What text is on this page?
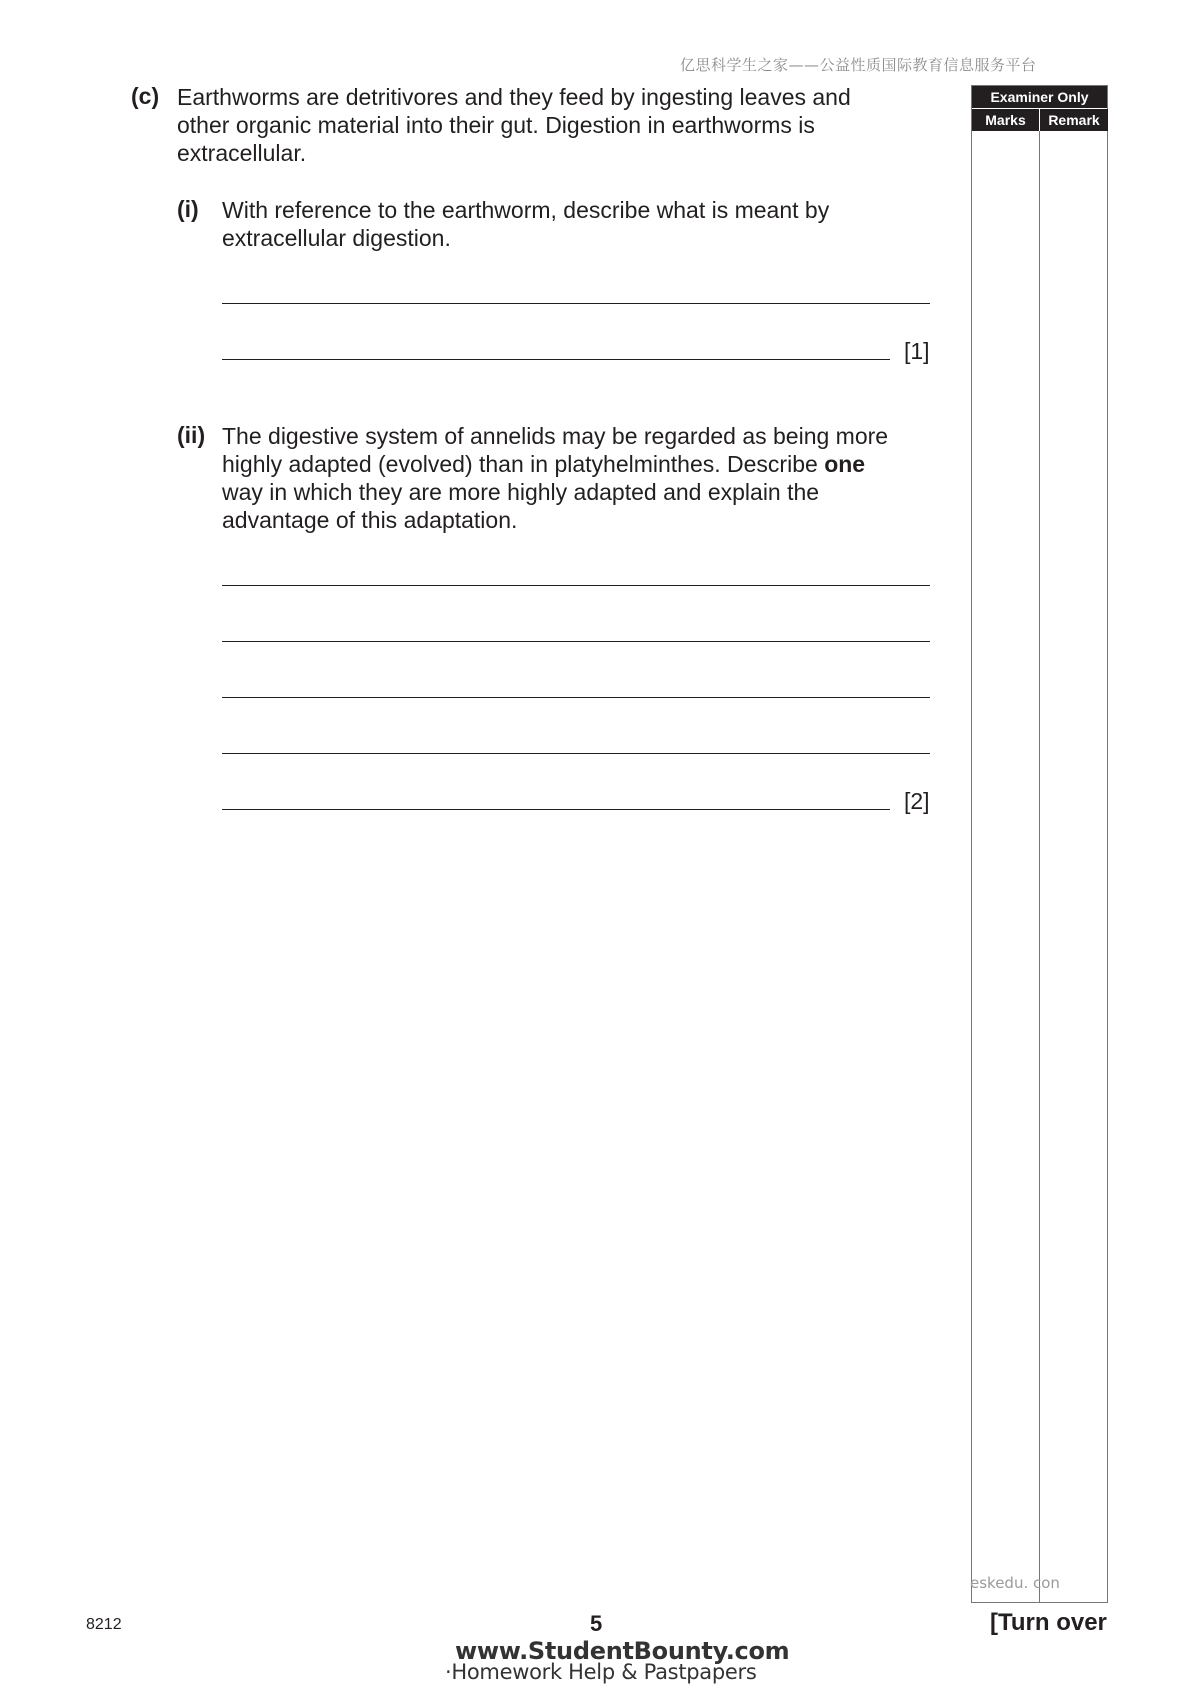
亿思科学生之家——公益性质国际教育信息服务平台
(c) Earthworms are detritivores and they feed by ingesting leaves and
other organic material into their gut. Digestion in earthworms is
extracellular.
(i) With reference to the earthworm, describe what is meant by
extracellular digestion.
[1]
(ii) The digestive system of annelids may be regarded as being more
highly adapted (evolved) than in platyhelminthes. Describe one
way in which they are more highly adapted and explain the
advantage of this adaptation.
[2]
Examiner Only
Marks	Remark
eskedu. con
8212	5	[Turn over
www.StudentBounty.com
·Homework Help & Pastpapers
